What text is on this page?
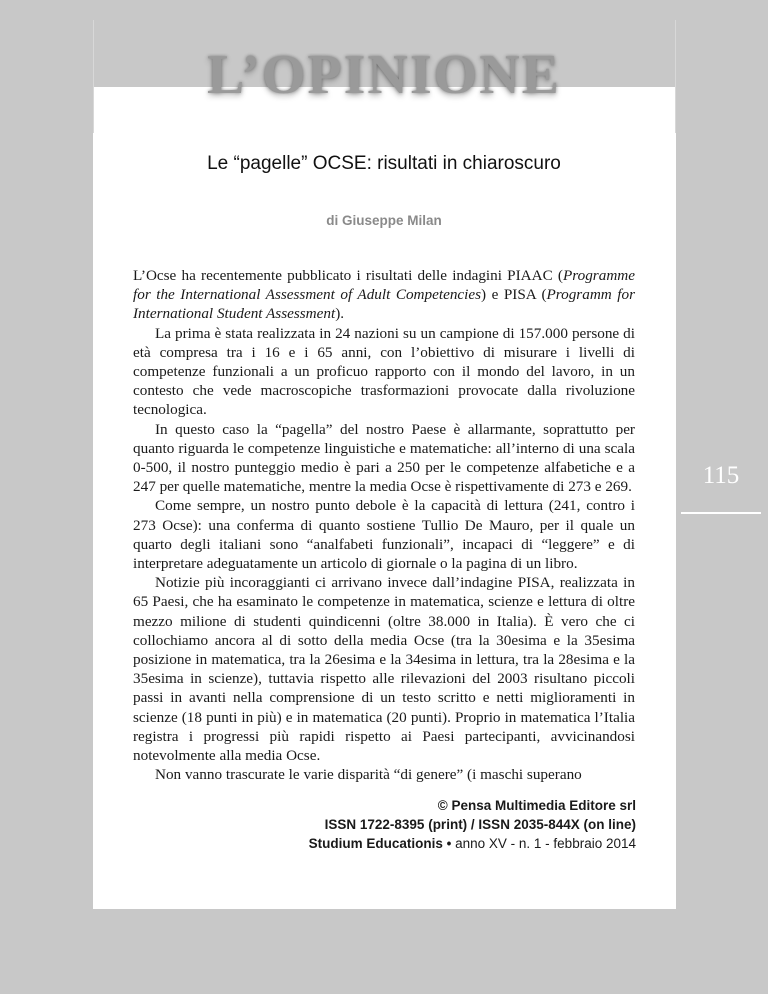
L’OPINIONE
Le “pagelle” OCSE: risultati in chiaroscuro
di Giuseppe Milan

L’Ocse ha recentemente pubblicato i risultati delle indagini PIAAC (Programme for the International Assessment of Adult Competencies) e PISA (Programm for International Student Assessment).

La prima è stata realizzata in 24 nazioni su un campione di 157.000 persone di età compresa tra i 16 e i 65 anni, con l’obiettivo di misurare i livelli di competenze funzionali a un proficuo rapporto con il mondo del lavoro, in un contesto che vede macroscopiche trasformazioni provocate dalla rivoluzione tecnologica.

In questo caso la “pagella” del nostro Paese è allarmante, soprattutto per quanto riguarda le competenze linguistiche e matematiche: all’interno di una scala 0-500, il nostro punteggio medio è pari a 250 per le competenze alfabetiche e a 247 per quelle matematiche, mentre la media Ocse è rispettivamente di 273 e 269.

Come sempre, un nostro punto debole è la capacità di lettura (241, contro i 273 Ocse): una conferma di quanto sostiene Tullio De Mauro, per il quale un quarto degli italiani sono “analfabeti funzionali”, incapaci di “leggere” e di interpretare adeguatamente un articolo di giornale o la pagina di un libro.

Notizie più incoraggianti ci arrivano invece dall’indagine PISA, realizzata in 65 Paesi, che ha esaminato le competenze in matematica, scienze e lettura di oltre mezzo milione di studenti quindicenni (oltre 38.000 in Italia). È vero che ci collochiamo ancora al di sotto della media Ocse (tra la 30esima e la 35esima posizione in matematica, tra la 26esima e la 34esima in lettura, tra la 28esima e la 35esima in scienze), tuttavia rispetto alle rilevazioni del 2003 risultano piccoli passi in avanti nella comprensione di un testo scritto e netti miglioramenti in scienze (18 punti in più) e in matematica (20 punti). Proprio in matematica l’Italia registra i progressi più rapidi rispetto ai Paesi partecipanti, avvicinandosi notevolmente alla media Ocse.

Non vanno trascurate le varie disparità “di genere” (i maschi superano

115
© Pensa Multimedia Editore srl
ISSN 1722-8395 (print) / ISSN 2035-844X (on line)
Studium Educationis • anno XV - n. 1 - febbraio 2014
